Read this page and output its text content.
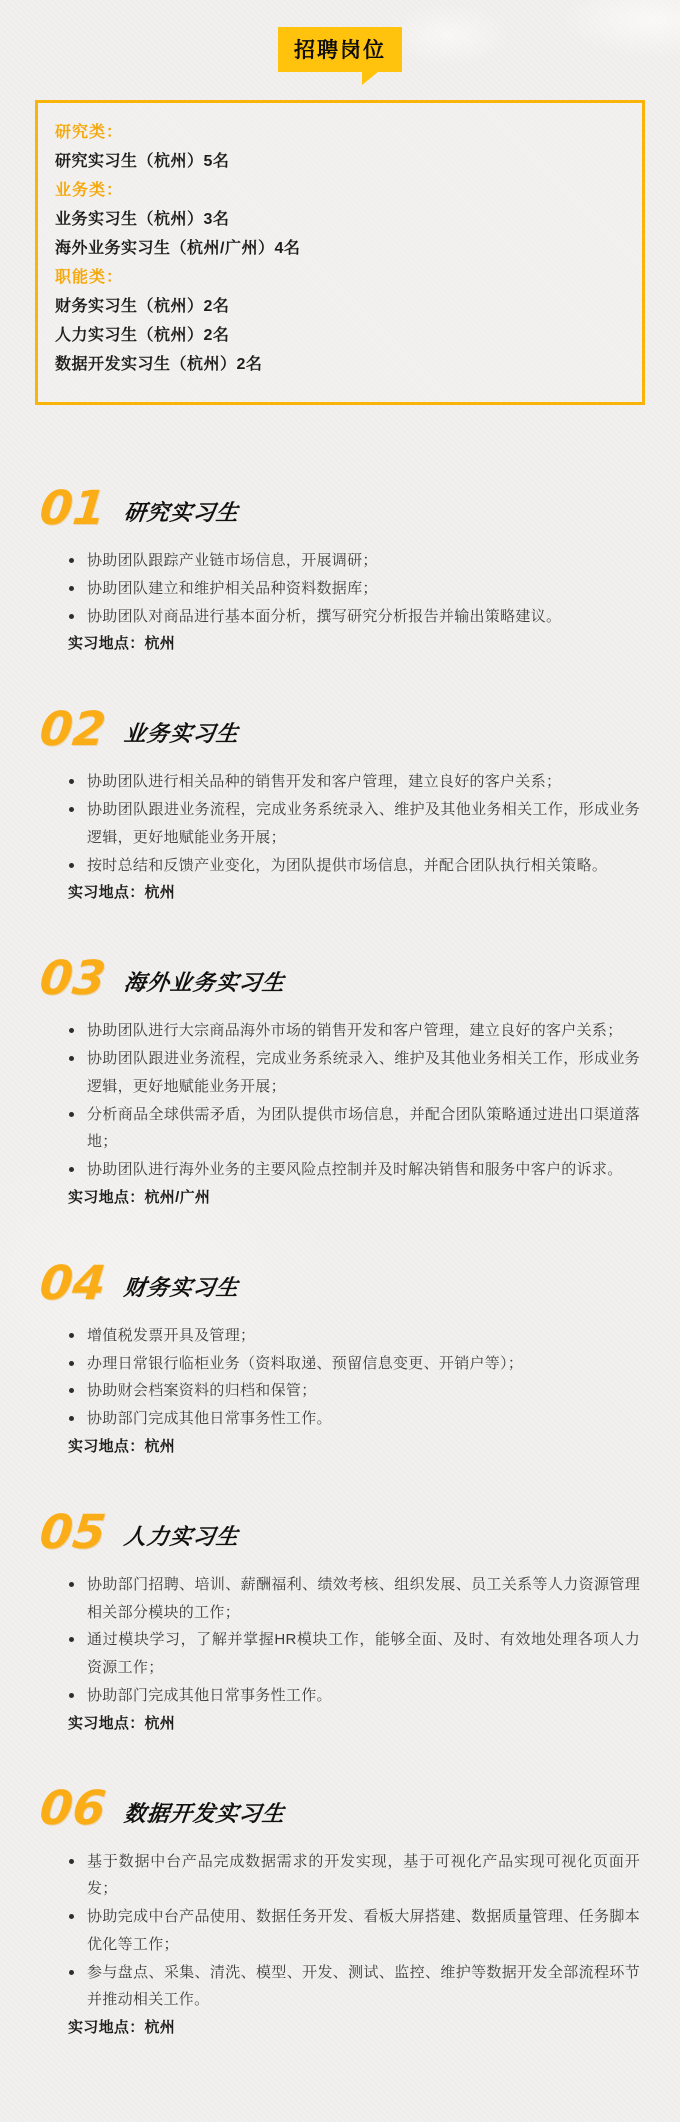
招聘岗位
研究类：
研究实习生（杭州）5名
业务类：
业务实习生（杭州）3名
海外业务实习生（杭州/广州）4名
职能类：
财务实习生（杭州）2名
人力实习生（杭州）2名
数据开发实习生（杭州）2名
01 研究实习生
协助团队跟踪产业链市场信息，开展调研；
协助团队建立和维护相关品种资料数据库；
协助团队对商品进行基本面分析，撰写研究分析报告并输出策略建议。
实习地点：杭州
02 业务实习生
协助团队进行相关品种的销售开发和客户管理，建立良好的客户关系；
协助团队跟进业务流程，完成业务系统录入、维护及其他业务相关工作，形成业务逻辑，更好地赋能业务开展；
按时总结和反馈产业变化，为团队提供市场信息，并配合团队执行相关策略。
实习地点：杭州
03 海外业务实习生
协助团队进行大宗商品海外市场的销售开发和客户管理，建立良好的客户关系；
协助团队跟进业务流程，完成业务系统录入、维护及其他业务相关工作，形成业务逻辑，更好地赋能业务开展；
分析商品全球供需矛盾，为团队提供市场信息，并配合团队策略通过进出口渠道落地；
协助团队进行海外业务的主要风险点控制并及时解决销售和服务中客户的诉求。
实习地点：杭州/广州
04 财务实习生
增值税发票开具及管理；
办理日常银行临柜业务（资料取递、预留信息变更、开销户等）；
协助财会档案资料的归档和保管；
协助部门完成其他日常事务性工作。
实习地点：杭州
05 人力实习生
协助部门招聘、培训、薪酬福利、绩效考核、组织发展、员工关系等人力资源管理相关部分模块的工作；
通过模块学习，了解并掌握HR模块工作，能够全面、及时、有效地处理各项人力资源工作；
协助部门完成其他日常事务性工作。
实习地点：杭州
06 数据开发实习生
基于数据中台产品完成数据需求的开发实现，基于可视化产品实现可视化页面开发；
协助完成中台产品使用、数据任务开发、看板大屏搭建、数据质量管理、任务脚本优化等工作；
参与盘点、采集、清洗、模型、开发、测试、监控、维护等数据开发全部流程环节并推动相关工作。
实习地点：杭州
